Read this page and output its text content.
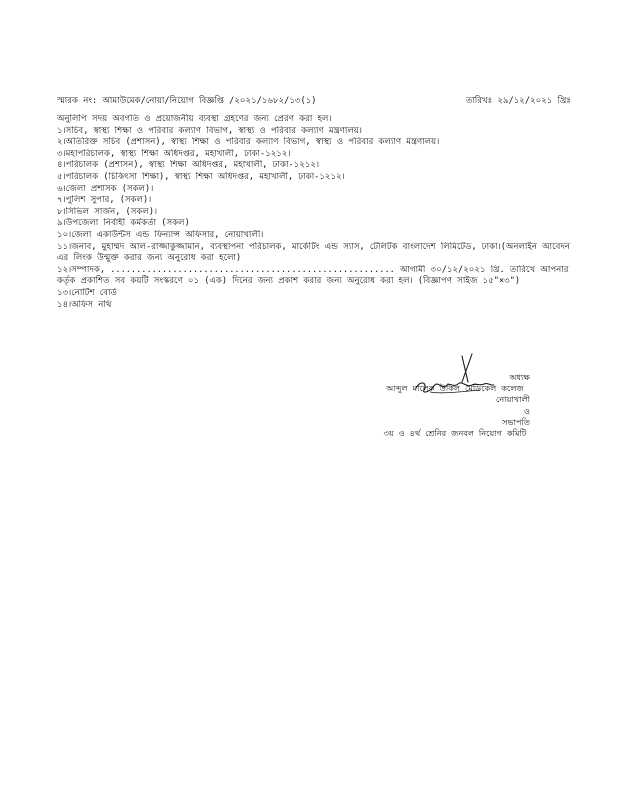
স্মারক নং: আমাউমেক/নোয়া/নিয়োগ বিজ্ঞপ্তি /২০২১/১৬৮২/১৩(১)	তারিখঃ ২৯/১২/২০২১ খ্রিঃ
অনুলিপি সদয় অবগতি ও প্রয়োজনীয় ব্যবস্থা গ্রহণের জন্য প্রেরণ করা হল।
১।সচিব, স্বাস্থ্য শিক্ষা ও পরিবার কল্যাণ বিভাগ, স্বাস্থ্য ও পরিবার কল্যাণ মন্ত্রণালয়।
২।অতিরিক্ত সচিব (প্রশাসন), স্বাস্থ্য শিক্ষা ও পরিবার কল্যাণ বিভাগ, স্বাস্থ্য ও পরিবার কল্যাণ মন্ত্রণালয়।
৩।মহাপরিচালক, স্বাস্থ্য শিক্ষা অধিদপ্তর, মহাখালী, ঢাকা-১২১২।
৪।পরিচালক (প্রশাসন), স্বাস্থ্য শিক্ষা অধিদপ্তর, মহাখালী, ঢাকা-১২১২।
৫।পরিচালক (চিকিৎসা শিক্ষা), স্বাস্থ্য শিক্ষা অধিদপ্তর, মহাখালী, ঢাকা-১২১২।
৬।জেলা প্রশাসক (সকল)।
৭।পুলিশ সুপার, (সকল)।
৮।সিভিল সার্জন, (সকল)।
৯।উপজেলা নির্বাহী কর্মকর্তা (সকল)
১০।জেলা একাউন্টস এন্ড ফিন্যান্স অফিসার, নোয়াখালী।
১১।জনাব, মুহাম্মদ আল-রাজ্জাকুজ্জামান, ব্যবস্থাপনা পরিচালক, মার্কেটিং এন্ড স্যাস, টেলিটক বাংলাদেশ লিমিটেড, ঢাকা।(অনলাইন আবেদন এর লিংক উন্মুক্ত করার জন্য অনুরোধ করা হলো)
১২।সম্পাদক, ....................................................... আগামী ৩০/১২/২০২১ খ্রি. তারিখে আপনার কর্তৃক প্রকাশিত সব কয়টি সংস্করণে ০১ (এক) দিনের জন্য প্রকাশ করার জন্য অনুরোধ করা হল। (বিজ্ঞাপণ সাইজ ১৫"×৩")
১৩।নোটিশ বোর্ড
১৪।অফিস নথি
অধ্যক্ষ
আব্দুল মালেক উকিল মেডিকেল কলেজ
নোয়াখালী
ও
সভাপতি
৩য় ও ৪র্থ শ্রেনির জনবল নিয়োগ কমিটি
